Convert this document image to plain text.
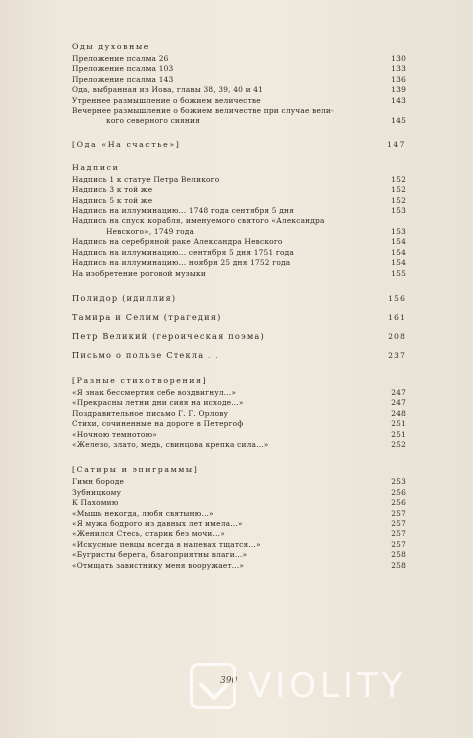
Оды духовные
Преложение псалма 26	130
Преложение псалма 103	133
Преложение псалма 143	136
Ода, выбранная из Иова, главы 38, 39, 40 и 41	139
Утреннее размышление о божием величестве	143
Вечернее размышление о божием величестве при случае вели-
кого северного сияния	145
[Ода «На счастье»]	147
Надписи
Надпись 1 к статуе Петра Великого	152
Надпись 3 к той же	152
Надпись 5 к той же	152
Надпись на иллуминацию... 1748 года сентября 5 дня	153
Надпись на спуск корабля, именуемого святого «Александра
Невского», 1749 года	153
Надпись на серебряной раке Александра Невского	154
Надпись на иллуминацию... сентября 5 дня 1751 года	154
Надпись на иллуминацию... ноября 25 дня 1752 года	154
На изобретение роговой музыки	155
Полидор (идиллия)	156
Тамира и Селим (трагедия)	161
Петр Великий (героическая поэма)	208
Письмо о пользе Стекла . .	237
[Разные стихотворения]
«Я знак бессмертия себе воздвигнул...»	247
«Прекрасны летни дни сияя на исходе...»	247
Поздравительное письмо Г. Г. Орлову	248
Стихи, сочиненные на дороге в Петергоф	251
«Ночною темнотою»	251
«Железо, злато, медь, свинцова крепка сила...»	252
[Сатиры и эпиграммы]
Гимн бороде	253
Зубницкому	256
К Пахомию	256
«Мышь некогда, любя святыню...»	257
«Я мужа бодрого из давных лет имела...»	257
«Женился Стесь, старик без мочи...»	257
«Искусные певцы всегда в напевах тщатся...»	257
«Бугристы берега, благоприятны влаги...»	258
«Отмщать завистнику меня вооружает...»	258
390 VIOLITY
